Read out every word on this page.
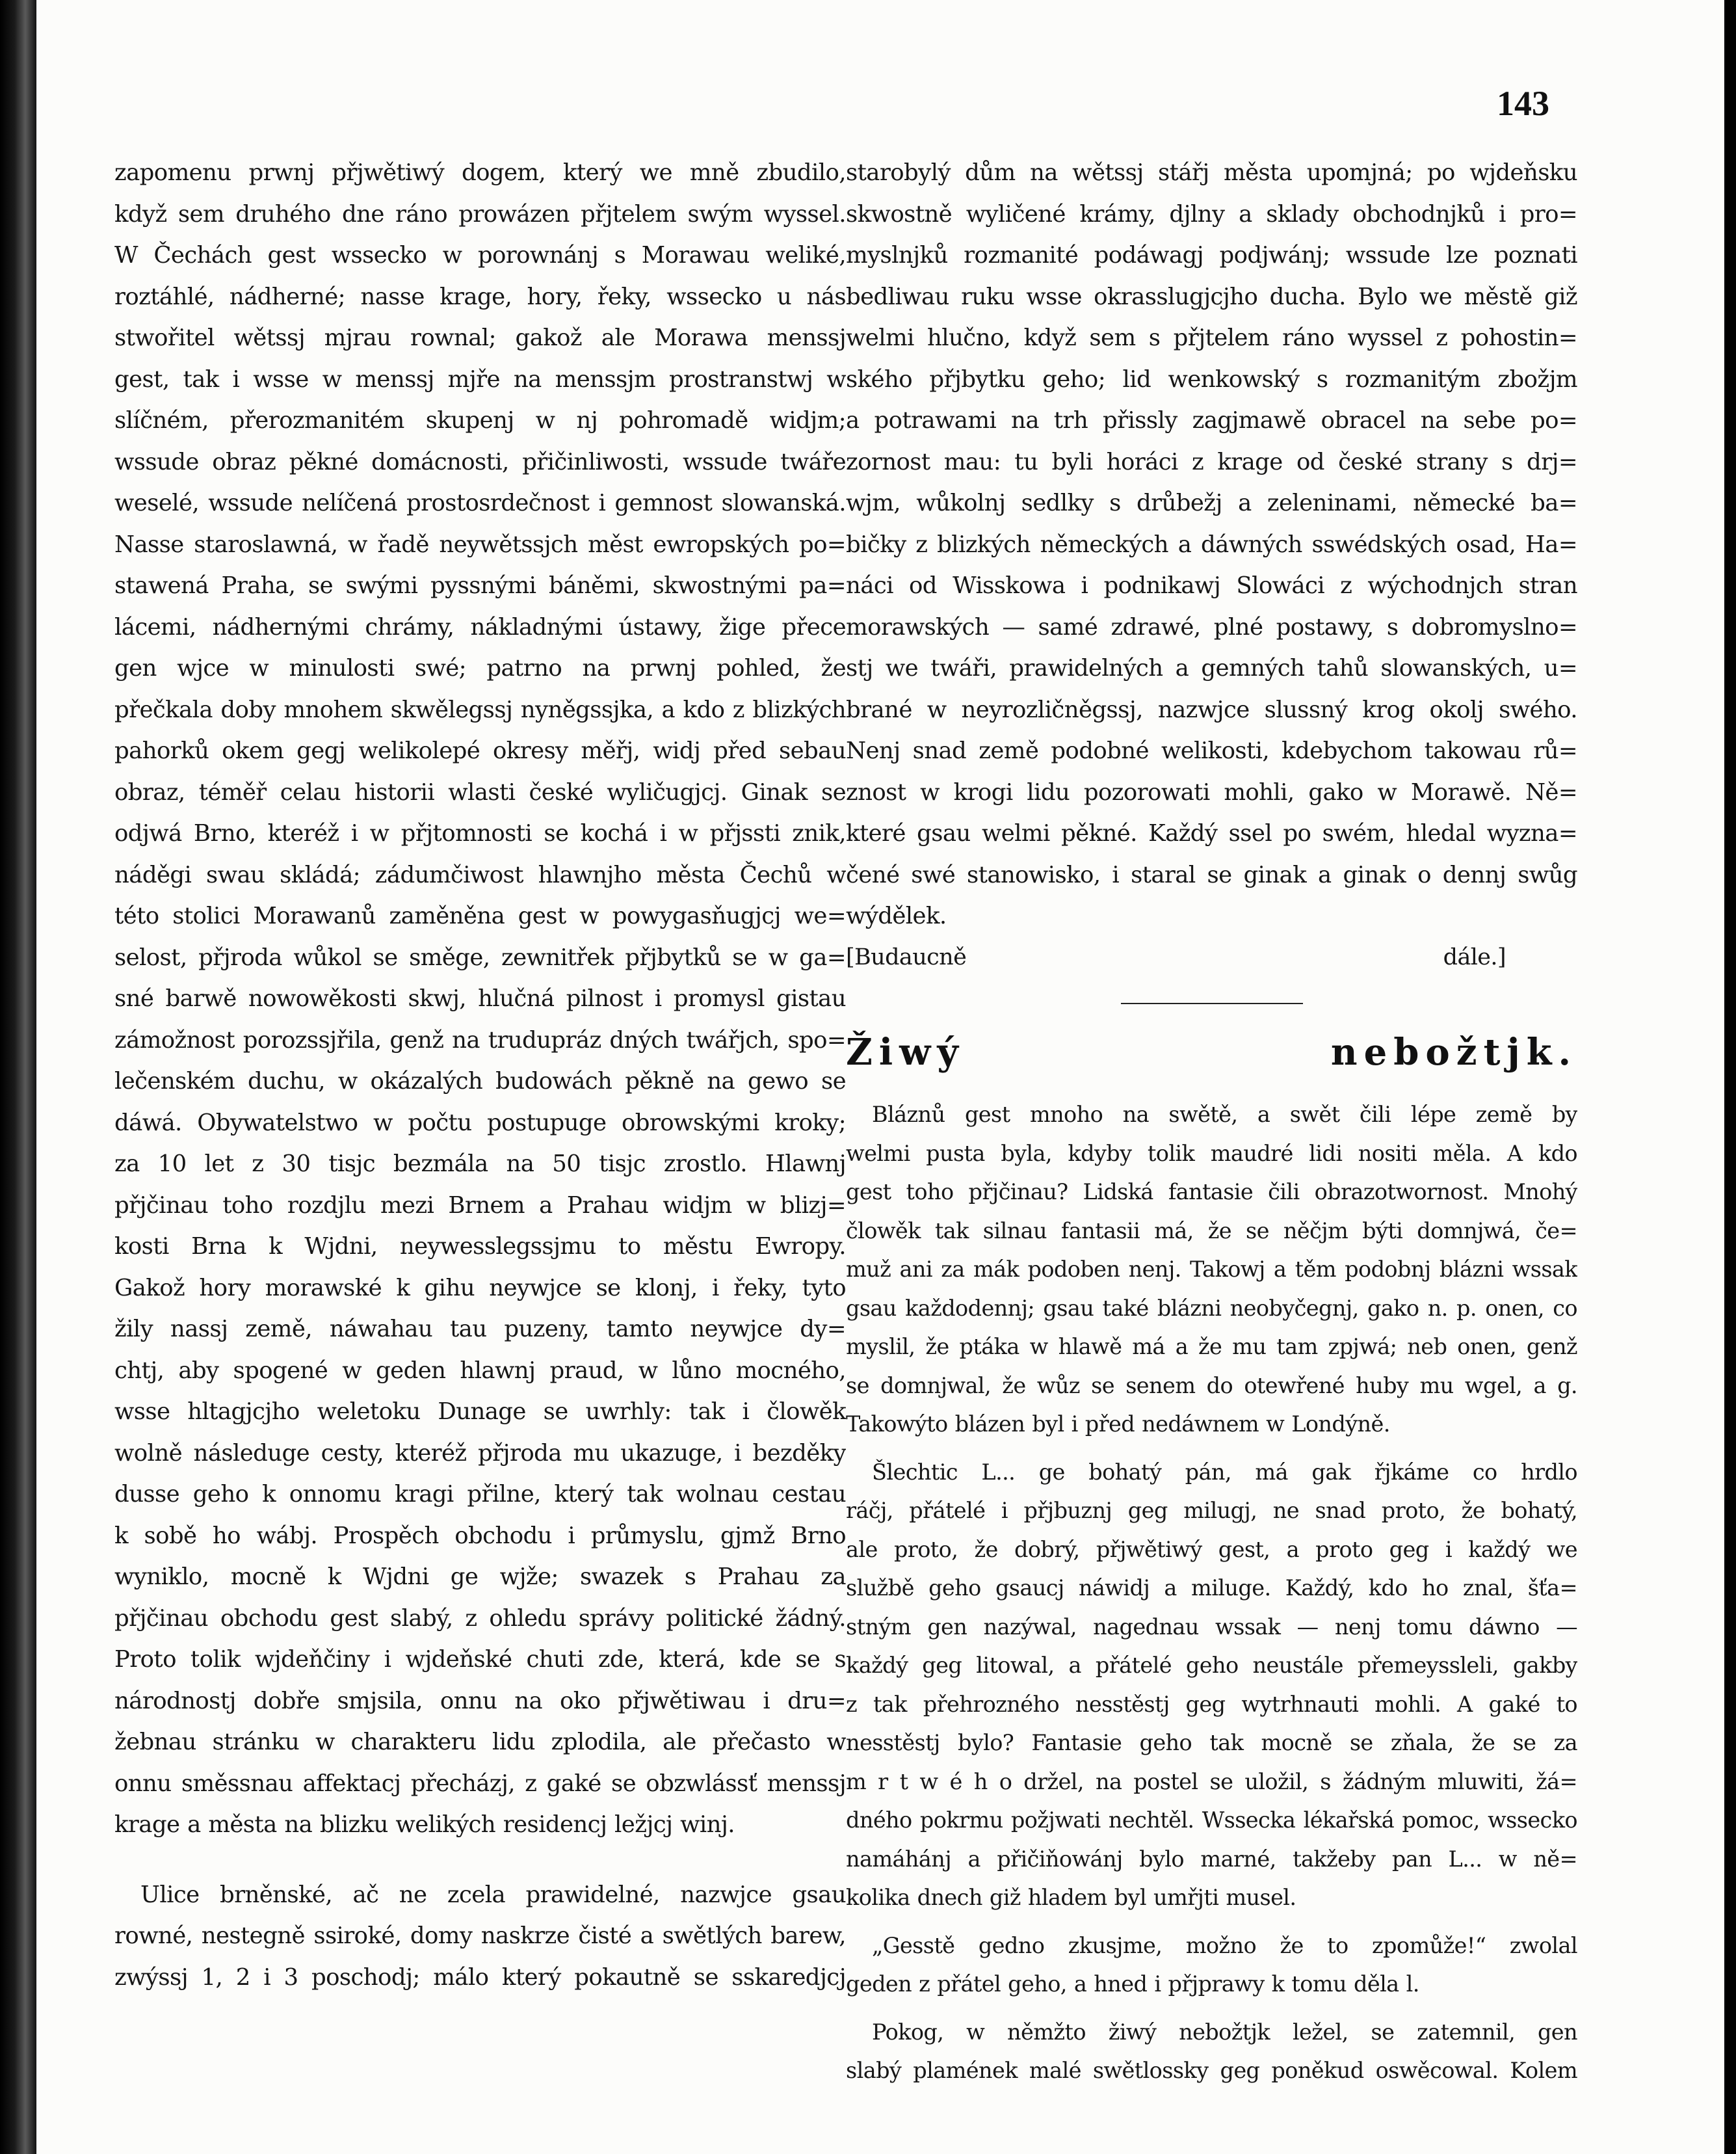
143
zapomenu prwnj přjwětiwý dogem, který we mně zbudilo,
když sem druhého dne ráno prowázen přjtelem swým wyssel.
W Čechách gest wssecko w porownánj s Morawau weliké,
roztáhlé, nádherné; nasse krage, hory, řeky, wssecko u nás
stwořitel wětssj mjrau rownal; gakož ale Morawa menssj
gest, tak i wsse w menssj mjře na menssjm prostranstwj w
slíčném, přerozmanitém skupenj w nj pohromadě widjm;
wssude obraz pěkné domácnosti, přičinliwosti, wssude twáře
weselé, wssude nelíčená prostosrdečnost i gemnost slowanská.
Nasse staroslawná, w řadě neywětssjch měst ewropských po=
stawená Praha, se swými pyssnými báněmi, skwostnými pa=
lácemi, nádhernými chrámy, nákladnými ústawy, žige přece
gen wjce w minulosti swé; patrno na prwnj pohled, že
přečkala doby mnohem skwělegssj nyněgssjka, a kdo z blizkých
pahorků okem gegj welikolepé okresy měřj, widj před sebau
obraz, téměř celau historii wlasti české wyličugjcj. Ginak se
odjwá Brno, kteréž i w přjtomnosti se kochá i w přjssti znik,
náděgi swau skládá; zádumčiwost hlawnjho města Čechů w
této stolici Morawanů zaměněna gest w powygasňugjcj we=
selost, přjroda wůkol se směge, zewnitřek přjbytků se w ga=
sné barwě nowowěkosti skwj, hlučná pilnost i promysl gistau
zámožnost porozssjřila, genž na trudupráz dných twářjch, spo=
lečenském duchu, w okázalých budowách pěkně na gewo se
dáwá. Obywatelstwo w počtu postupuge obrowskými kroky;
za 10 let z 30 tisjc bezmála na 50 tisjc zrostlo. Hlawnj
přjčinau toho rozdjlu mezi Brnem a Prahau widjm w blizj=
kosti Brna k Wjdni, neywesslegssjmu to městu Ewropy.
Gakož hory morawské k gihu neywjce se klonj, i řeky, tyto
žily nassj země, náwahau tau puzeny, tamto neywjce dy=
chtj, aby spogené w geden hlawnj praud, w lůno mocného,
wsse hltagjcjho weletoku Dunage se uwrhly: tak i člowěk
wolně následuge cesty, kteréž přjroda mu ukazuge, i bezděky
dusse geho k onnomu kragi přilne, který tak wolnau cestau
k sobě ho wábj. Prospěch obchodu i průmyslu, gjmž Brno
wyniklo, mocně k Wjdni ge wjže; swazek s Prahau za
přjčinau obchodu gest slabý, z ohledu správy politické žádný.
Proto tolik wjdeňčiny i wjdeňské chuti zde, která, kde se s
národnostj dobře smjsila, onnu na oko přjwětiwau i dru=
žebnau stránku w charakteru lidu zplodila, ale přečasto w
onnu směssnau affektacj přecházj, z gaké se obzwlássť menssj
krage a města na blizku welikých residencj ležjcj winj.
Ulice brněnské, ač ne zcela prawidelné, nazwjce gsau
rowné, nestegně ssiroké, domy naskrze čisté a swětlých barew,
zwýssj 1, 2 i 3 poschodj; málo který pokautně se sskaredjcj
starobylý dům na wětssj stářj města upomjná; po wjdeňsku
skwostně wyličené krámy, djlny a sklady obchodnjků i pro=
myslnjků rozmanité podáwagj podjwánj; wssude lze poznati
bedliwau ruku wsse okrasslugjcjho ducha. Bylo we městě giž
welmi hlučno, když sem s přjtelem ráno wyssel z pohostin=
ského přjbytku geho; lid wenkowský s rozmanitým zbožjm
a potrawami na trh přissly zagjmawě obracel na sebe po=
zornost mau: tu byli horáci z krage od české strany s drj=
wjm, wůkolnj sedlky s drůbežj a zeleninami, německé ba=
bičky z blizkých německých a dáwných sswédských osad, Ha=
náci od Wisskowa i podnikawj Slowáci z wýchodnjch stran
morawských — samé zdrawé, plné postawy, s dobromyslno=
stj we twáři, prawidelných a gemných tahů slowanských, u=
brané w neyrozličněgssj, nazwjce slussný krog okolj swého.
Nenj snad země podobné welikosti, kdebychom takowau rů=
znost w krogi lidu pozorowati mohli, gako w Morawě. Ně=
které gsau welmi pěkné. Každý ssel po swém, hledal wyzna=
čené swé stanowisko, i staral se ginak a ginak o dennj swůg
wýdělek.
[Budaucně dále.]
Žiwý nebožtjk.
Bláznů gest mnoho na swětě, a swět čili lépe země by
welmi pusta byla, kdyby tolik maudré lidi nositi měla. A kdo
gest toho přjčinau? Lidská fantasie čili obrazotwornost. Mnohý
člowěk tak silnau fantasii má, že se něčjm býti domnjwá, če=
muž ani za mák podoben nenj. Takowj a těm podobnj blázni wssak
gsau každodennj; gsau také blázni neobyčegnj, gako n. p. onen, co
myslil, že ptáka w hlawě má a že mu tam zpjwá; neb onen, genž
se domnjwal, že wůz se senem do otewřené huby mu wgel, a g.
Takowýto blázen byl i před nedáwnem w Londýně.
Šlechtic L... ge bohatý pán, má gak řjkáme co hrdlo
ráčj, přátelé i přjbuznj geg milugj, ne snad proto, že bohatý,
ale proto, že dobrý, přjwětiwý gest, a proto geg i každý we
službě geho gsaucj náwidj a miluge. Každý, kdo ho znal, šťa=
stným gen nazýwal, nagednau wssak — nenj tomu dáwno —
každý geg litowal, a přátelé geho neustále přemeyssleli, gakby
z tak přehrozného nesstěstj geg wytrhnauti mohli. A gaké to
nesstěstj bylo? Fantasie geho tak mocně se zňala, že se za
m r t w é h o držel, na postel se uložil, s žádným mluwiti, žá=
dného pokrmu požjwati nechtěl. Wssecka lékařská pomoc, wssecko
namáhánj a přičiňowánj bylo marné, takžeby pan L... w ně=
kolika dnech giž hladem byl umřjti musel.
„Gesstě gedno zkusjme, možno že to zpomůže!“ zwolal
geden z přátel geho, a hned i přjprawy k tomu děla l.
Pokog, w němžto žiwý nebožtjk ležel, se zatemnil, gen
slabý plamének malé swětlossky geg poněkud oswěcowal. Kolem
